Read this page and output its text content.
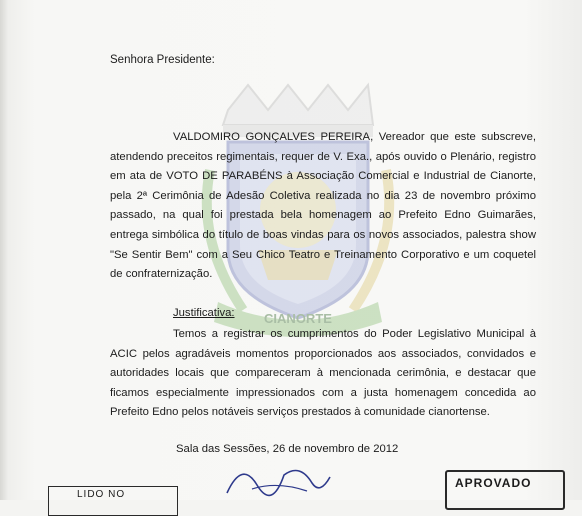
CIANORTE
Senhora Presidente:

VALDOMIRO GONÇALVES PEREIRA, Vereador que este subscreve, atendendo preceitos regimentais, requer de V. Exa., após ouvido o Plenário, registro em ata de VOTO DE PARABÉNS à Associação Comercial e Industrial de Cianorte, pela 2ª Cerimônia de Adesão Coletiva realizada no dia 23 de novembro próximo passado, na qual foi prestada bela homenagem ao Prefeito Edno Guimarães, entrega simbólica do título de boas vindas para os novos associados, palestra show "Se Sentir Bem" com a Seu Chico Teatro e Treinamento Corporativo e um coquetel de confraternização.

Justificativa:

Temos a registrar os cumprimentos do Poder Legislativo Municipal à ACIC pelos agradáveis momentos proporcionados aos associados, convidados e autoridades locais que compareceram à mencionada cerimônia, e destacar que ficamos especialmente impressionados com a justa homenagem concedida ao Prefeito Edno pelos notáveis serviços prestados à comunidade cianortense.

Sala das Sessões, 26 de novembro de 2012
LIDO NO
APROVADO
